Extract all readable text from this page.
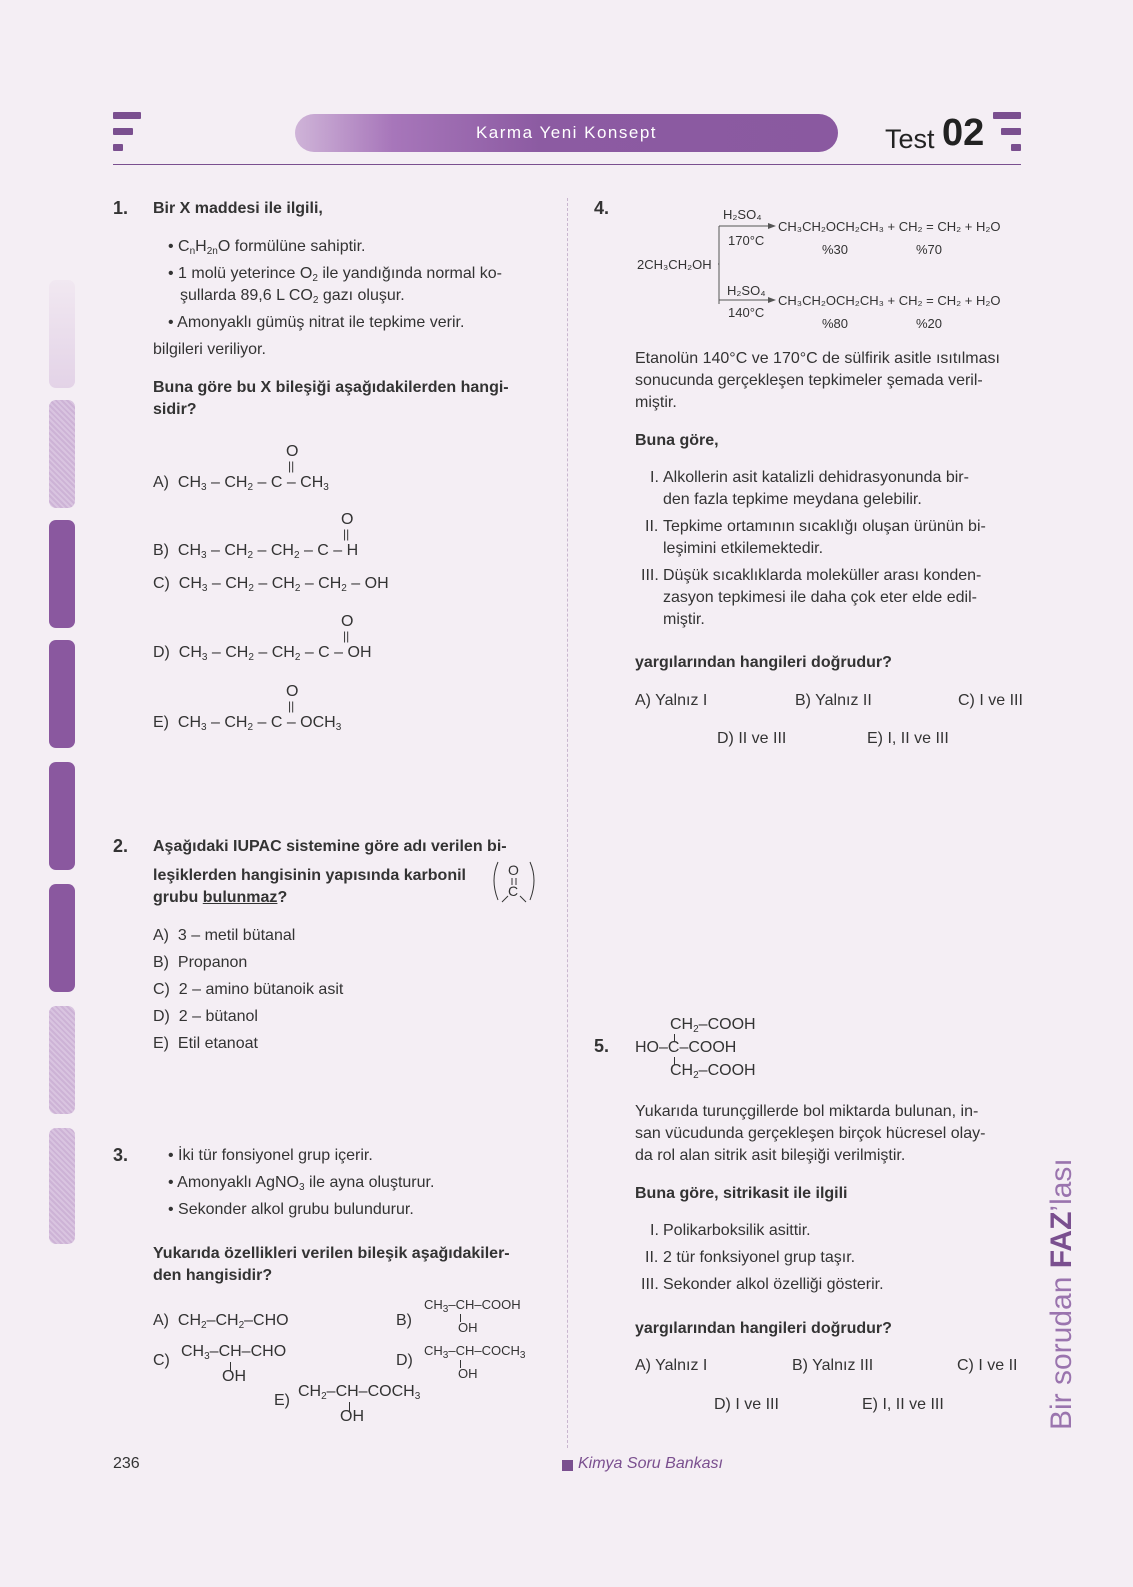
Karma Yeni Konsept	Test 02
1. Bir X maddesi ile ilgili,
• $C_nH_{2n}O$ formülüne sahiptir.
• 1 molü yeterince $O_2$ ile yandığında normal ko-
şullarda 89,6 L $CO_2$ gazı oluşur.
• Amonyaklı gümüş nitrat ile tepkime verir.
bilgileri veriliyor.
Buna göre bu X bileşiği aşağıdakilerden hangi-
sidir?
O
||
A)  $CH_3 - CH_2$ – C – $CH_3$
O
||
B)  $CH_3 - CH_2 - CH_2$ – C – H
C)  $CH_3 - CH_2 - CH_2 - CH_2$ – OH
O
||
D)  $CH_3 - CH_2 - CH_2$ – C – OH
O
||
E)  $CH_3 - CH_2$ – C – $OCH_3$
2. Aşağıdaki IUPAC sistemine göre adı verilen bi-
leşiklerden hangisinin yapısında karbonil
grubu bulunmaz?
O
C
A) 3 – metil bütanal
B) Propanon
C) 2 – amino bütanoik asit
D) 2 – bütanol
E) Etil etanoat
3. • İki tür fonsiyonel grup içerir.
• Amonyaklı AgNO$_3$ ile ayna oluşturur.
• Sekonder alkol grubu bulundurur.
Yukarıda özellikleri verilen bileşik aşağıdakiler-
den hangisidir?
A)  $CH_2-CH_2$–CHO	B)
$CH_3-CH$–COOH
OH
C)
$CH_3-CH$–CHO
OH
D)
$CH_3-CH-COCH_3$
OH
E)
$CH_2-CH-COCH_3$
OH
4.
2CH₃CH₂OH
H₂SO₄
170°C
CH₃CH₂OCH₂CH₃ + CH₂ = CH₂ + H₂O
%30	%70
H₂SO₄
140°C
CH₃CH₂OCH₂CH₃ + CH₂ = CH₂ + H₂O
%80	%20
Etanolün 140°C ve 170°C de sülfirik asitle ısıtılması
sonucunda gerçekleşen tepkimeler şemada veril-
miştir.
Buna göre,
I. Alkollerin asit katalizli dehidrasyonunda bir-
den fazla tepkime meydana gelebilir.
II. Tepkime ortamının sıcaklığı oluşan ürünün bi-
leşimini etkilemektedir.
III. Düşük sıcaklıklarda moleküller arası konden-
zasyon tepkimesi ile daha çok eter elde edil-
miştir.
yargılarından hangileri doğrudur?
A) Yalnız I	B) Yalnız II	C) I ve III
D) II ve III	E) I, II ve III
5.
$CH_2$–COOH
HO–C–COOH
$CH_2$–COOH
Yukarıda turunçgillerde bol miktarda bulunan, in-
san vücudunda gerçekleşen birçok hücresel olay-
da rol alan sitrik asit bileşiği verilmiştir.
Buna göre, sitrikasit ile ilgili
I. Polikarboksilik asittir.
II. 2 tür fonksiyonel grup taşır.
III. Sekonder alkol özelliği gösterir.
yargılarından hangileri doğrudur?
A) Yalnız I	B) Yalnız III	C) I ve II
D) I ve III	E) I, II ve III	Bir sorudan FAZ’lası
236	Kimya Soru Bankası
